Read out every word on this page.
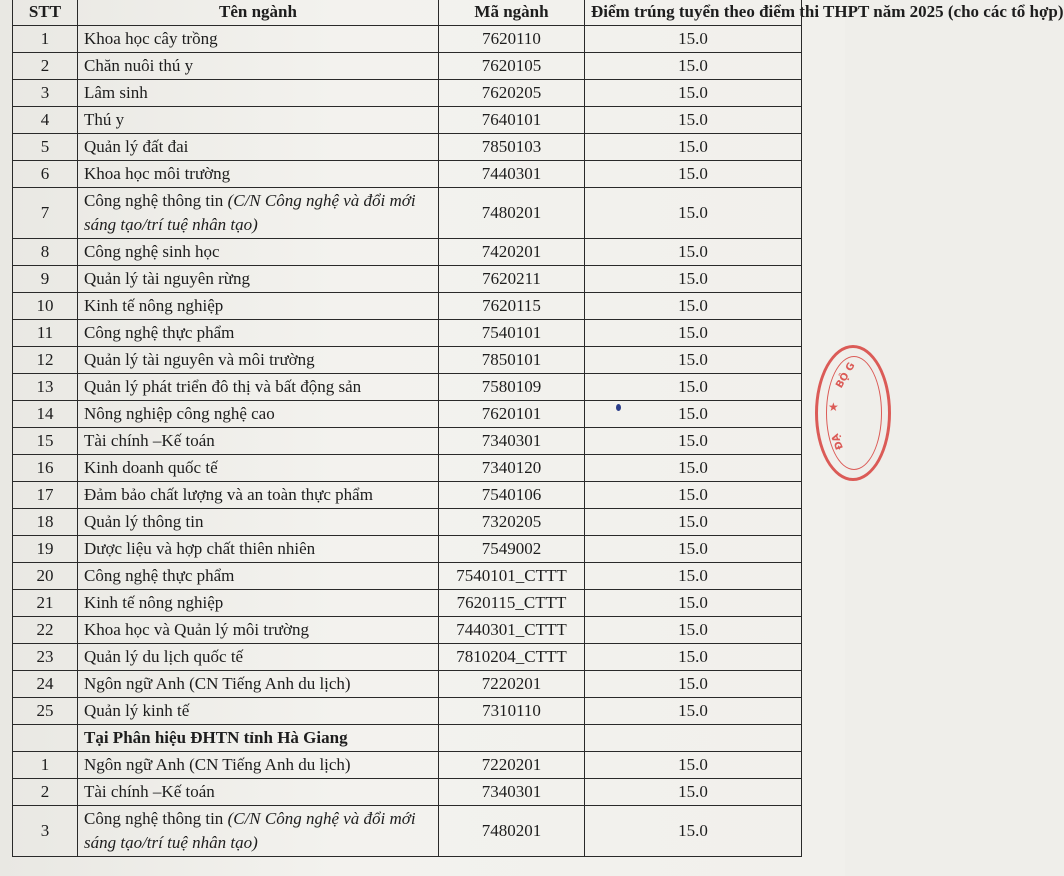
STT	Tên ngành	Mã ngành	Điểm trúng tuyển theo điểm thi THPT năm 2025 (cho các tổ hợp)
1	Khoa học cây trồng	7620110	15.0
2	Chăn nuôi thú y	7620105	15.0
3	Lâm sinh	7620205	15.0
4	Thú y	7640101	15.0
5	Quản lý đất đai	7850103	15.0
6	Khoa học môi trường	7440301	15.0
7	Công nghệ thông tin (C/N Công nghệ và đổi mới sáng tạo/trí tuệ nhân tạo)	7480201	15.0
8	Công nghệ sinh học	7420201	15.0
9	Quản lý tài nguyên rừng	7620211	15.0
10	Kinh tế nông nghiệp	7620115	15.0
11	Công nghệ thực phẩm	7540101	15.0
12	Quản lý tài nguyên và môi trường	7850101	15.0
13	Quản lý phát triển đô thị và bất động sản	7580109	15.0
14	Nông nghiệp công nghệ cao	7620101	15.0
15	Tài chính –Kế toán	7340301	15.0
16	Kinh doanh quốc tế	7340120	15.0
17	Đảm bảo chất lượng và an toàn thực phẩm	7540106	15.0
18	Quản lý thông tin	7320205	15.0
19	Dược liệu và hợp chất thiên nhiên	7549002	15.0
20	Công nghệ thực phẩm	7540101_CTTT	15.0
21	Kinh tế nông nghiệp	7620115_CTTT	15.0
22	Khoa học và Quản lý môi trường	7440301_CTTT	15.0
23	Quản lý du lịch quốc tế	7810204_CTTT	15.0
24	Ngôn ngữ Anh (CN Tiếng Anh du lịch)	7220201	15.0
25	Quản lý kinh tế	7310110	15.0
	Tại Phân hiệu ĐHTN tỉnh Hà Giang		
1	Ngôn ngữ Anh (CN Tiếng Anh du lịch)	7220201	15.0
2	Tài chính –Kế toán	7340301	15.0
3	Công nghệ thông tin (C/N Công nghệ và đổi mới sáng tạo/trí tuệ nhân tạo)	7480201	15.0
BỘ G
★
ĐẠ
